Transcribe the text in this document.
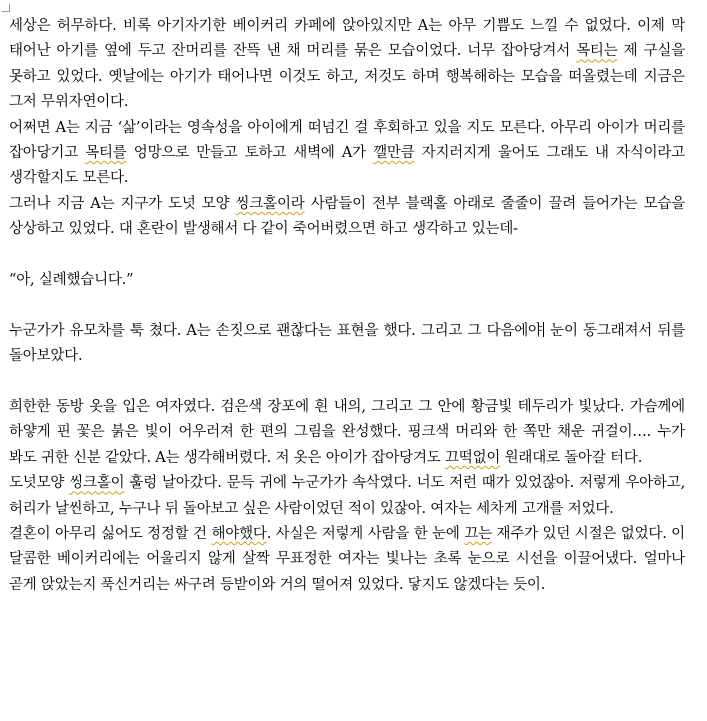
세상은 허무하다. 비록 아기자기한 베이커리 카페에 앉아있지만 A는 아무 기쁨도 느낄 수 없었다. 이제 막 태어난 아기를 옆에 두고 잔머리를 잔뜩 낸 채 머리를 묶은 모습이었다. 너무 잡아당겨서 목티는 제 구실을 못하고 있었다. 옛날에는 아기가 태어나면 이것도 하고, 저것도 하며 행복해하는 모습을 떠올렸는데 지금은 그저 무위자연이다.

어쩌면 A는 지금 ‘삶’이라는 영속성을 아이에게 떠넘긴 걸 후회하고 있을 지도 모른다. 아무리 아이가 머리를 잡아당기고 목티를 엉망으로 만들고 토하고 새벽에 A가 깰만큼 자지러지게 울어도 그래도 내 자식이라고 생각할지도 모른다.

그러나 지금 A는 지구가 도넛 모양 씽크홀이라 사람들이 전부 블랙홀 아래로 줄줄이 끌려 들어가는 모습을 상상하고 있었다. 대 혼란이 발생해서 다 같이 죽어버렸으면 하고 생각하고 있는데-

“아, 실례했습니다.”

누군가가 유모차를 툭 쳤다. A는 손짓으로 괜찮다는 표현을 했다. 그리고 그 다음에야 눈이 동그래져서 뒤를 돌아보았다.

희한한 동방 옷을 입은 여자였다. 검은색 장포에 흰 내의, 그리고 그 안에 황금빛 테두리가 빛났다. 가슴께에 하얗게 핀 꽃은 붉은 빛이 어우러져 한 편의 그림을 완성했다. 핑크색 머리와 한 쪽만 채운 귀걸이…. 누가 봐도 귀한 신분 같았다. A는 생각해버렸다. 저 옷은 아이가 잡아당겨도 끄떡없이 원래대로 돌아갈 터다.

도넛모양 씽크홀이 훌렁 날아갔다. 문득 귀에 누군가가 속삭였다. 너도 저런 때가 있었잖아. 저렇게 우아하고, 허리가 날씬하고, 누구나 뒤 돌아보고 싶은 사람이었던 적이 있잖아. 여자는 세차게 고개를 저었다.

결혼이 아무리 싫어도 정정할 건 해야했다. 사실은 저렇게 사람을 한 눈에 끄는 재주가 있던 시절은 없었다. 이 달콤한 베이커리에는 어울리지 않게 살짝 무표정한 여자는 빛나는 초록 눈으로 시선을 이끌어냈다. 얼마나 곧게 앉았는지 푹신거리는 싸구려 등받이와 거의 떨어져 있었다. 닿지도 않겠다는 듯이.
